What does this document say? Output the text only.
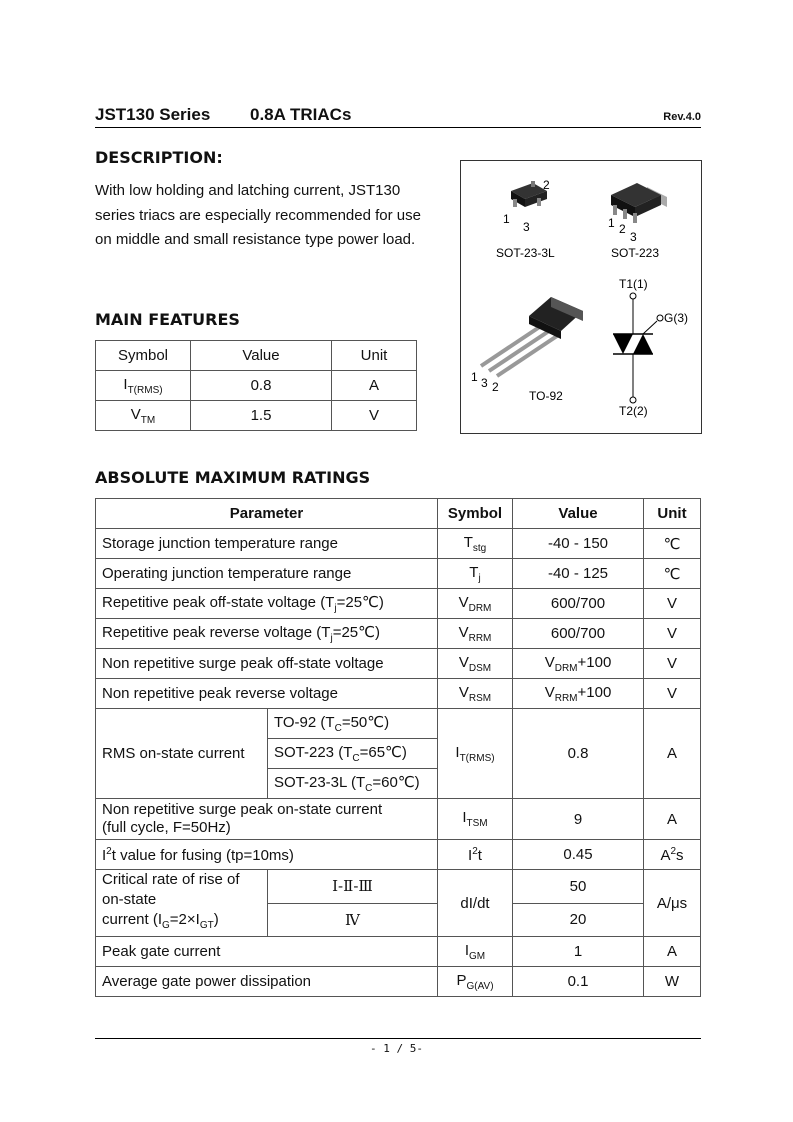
JST130 Series 0.8A TRIACs	Rev.4.0
DESCRIPTION:
With low holding and latching current, JST130 series triacs are especially recommended for use on middle and small resistance type power load.
MAIN FEATURES
Symbol	Value	Unit
$I_{T(RMS)}$	0.8	A
$V_{TM}$	1.5	V
2
1
3
SOT-23-3L
1 2
3
SOT-223
1 3 2
TO-92
T1(1)
G(3)
T2(2)
ABSOLUTE MAXIMUM RATINGS
Parameter		Symbol	Value	Unit
Storage junction temperature range		$T_{stg}$	-40 - 150	℃
Operating junction temperature range		$T_j$	-40 - 125	℃
Repetitive peak off-state voltage $(T_j=25℃)$		$V_{DRM}$	600/700	V
Repetitive peak reverse voltage $(T_j=25℃)$		$V_{RRM}$	600/700	V
Non repetitive surge peak off-state voltage		$V_{DSM}$	$V_{DRM}+100$	V
Non repetitive peak reverse voltage		$V_{RSM}$	$V_{RRM}+100$	V
RMS on-state current	TO-92 $(T_C=50℃)$	$I_{T(RMS)}$	0.8	A
	SOT-223 $(T_C=65℃)$			
	SOT-23-3L $(T_C=60℃)$			
Non repetitive surge peak on-state current
(full cycle, F=50Hz)		$I_{TSM}$	9	A
$I^2t$ value for fusing (tp=10ms)		$I^2t$	0.45	$A^2s$
Critical rate of rise of on-state
current $(I_G=2\times I_{GT})$	Ⅰ-Ⅱ-Ⅲ	dI/dt	50	A/μs
	Ⅳ		20	
Peak gate current		$I_{GM}$	1	A
Average gate power dissipation		$P_{G(AV)}$	0.1	W
- 1 / 5-
